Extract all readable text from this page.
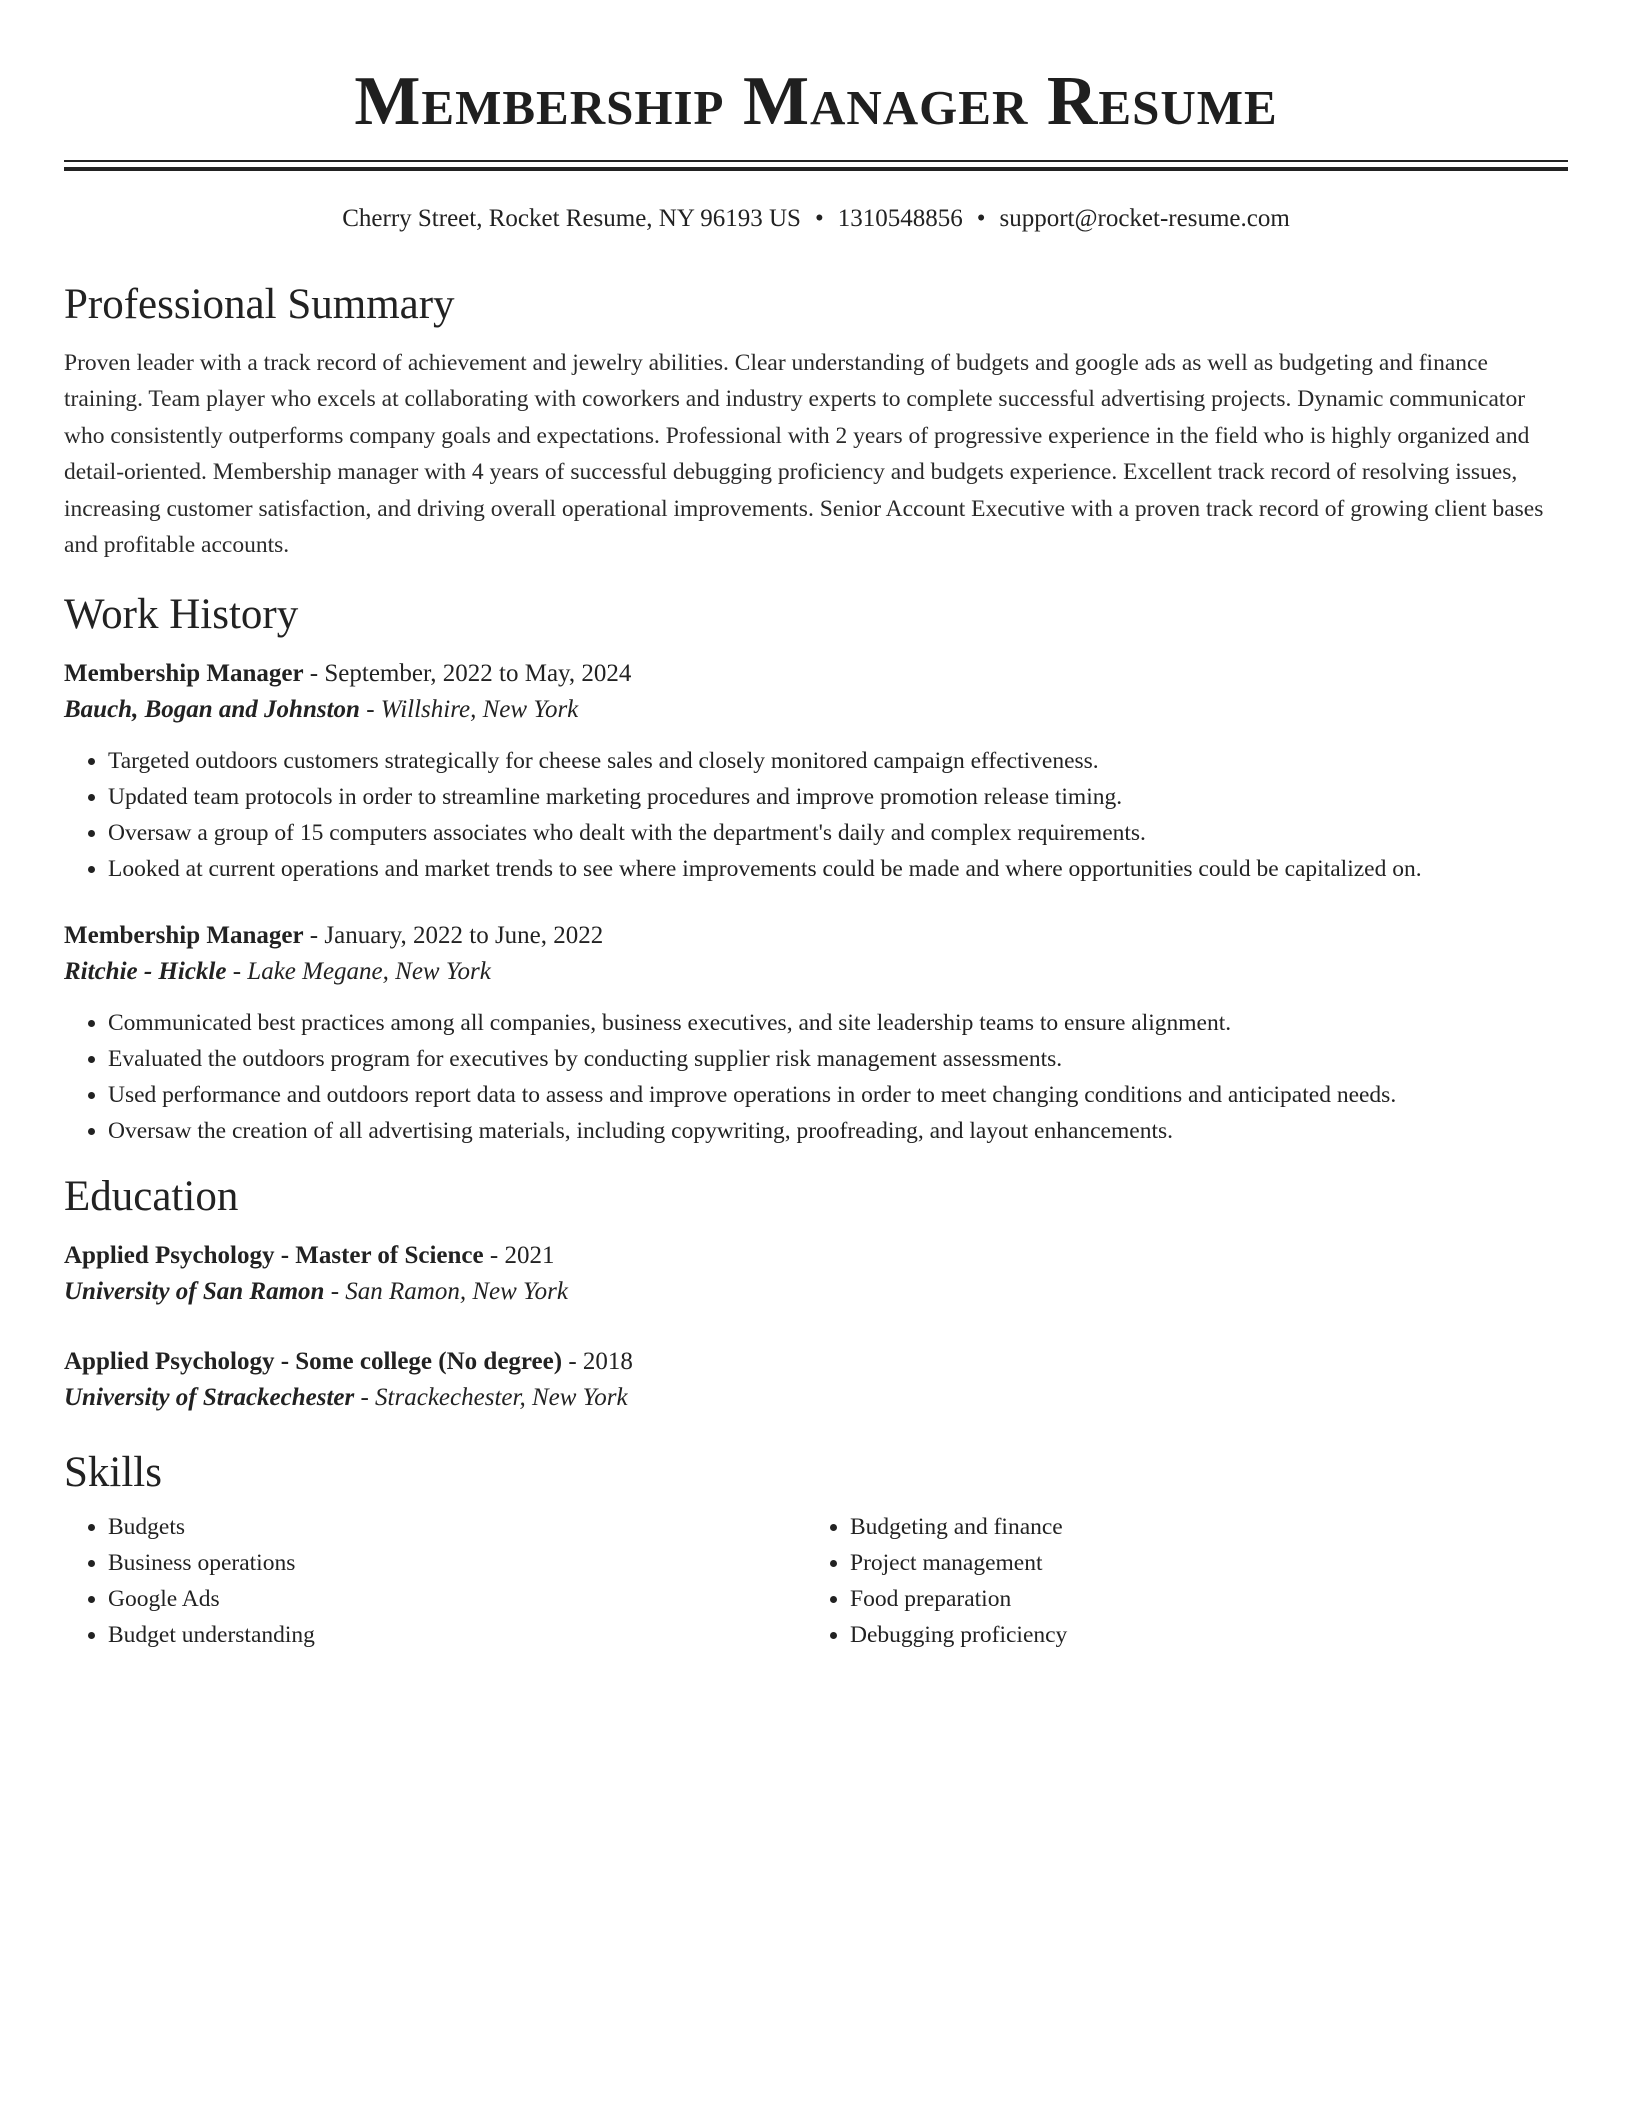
Membership Manager Resume
Cherry Street, Rocket Resume, NY 96193 US • 1310548856 • support@rocket-resume.com
Professional Summary

Proven leader with a track record of achievement and jewelry abilities. Clear understanding of budgets and google ads as well as budgeting and finance training. Team player who excels at collaborating with coworkers and industry experts to complete successful advertising projects. Dynamic communicator who consistently outperforms company goals and expectations. Professional with 2 years of progressive experience in the field who is highly organized and detail-oriented. Membership manager with 4 years of successful debugging proficiency and budgets experience. Excellent track record of resolving issues, increasing customer satisfaction, and driving overall operational improvements. Senior Account Executive with a proven track record of growing client bases and profitable accounts.

Work History
Membership Manager - September, 2022 to May, 2024
Bauch, Bogan and Johnston - Willshire, New York
• Targeted outdoors customers strategically for cheese sales and closely monitored campaign effectiveness.
• Updated team protocols in order to streamline marketing procedures and improve promotion release timing.
• Oversaw a group of 15 computers associates who dealt with the department's daily and complex requirements.
• Looked at current operations and market trends to see where improvements could be made and where opportunities could be capitalized on.
Membership Manager - January, 2022 to June, 2022
Ritchie - Hickle - Lake Megane, New York
• Communicated best practices among all companies, business executives, and site leadership teams to ensure alignment.
• Evaluated the outdoors program for executives by conducting supplier risk management assessments.
• Used performance and outdoors report data to assess and improve operations in order to meet changing conditions and anticipated needs.
• Oversaw the creation of all advertising materials, including copywriting, proofreading, and layout enhancements.
Education
Applied Psychology - Master of Science - 2021
University of San Ramon - San Ramon, New York
Applied Psychology - Some college (No degree) - 2018
University of Strackechester - Strackechester, New York
Skills
• Budgets
• Business operations
• Google Ads
• Budget understanding
• Budgeting and finance
• Project management
• Food preparation
• Debugging proficiency
